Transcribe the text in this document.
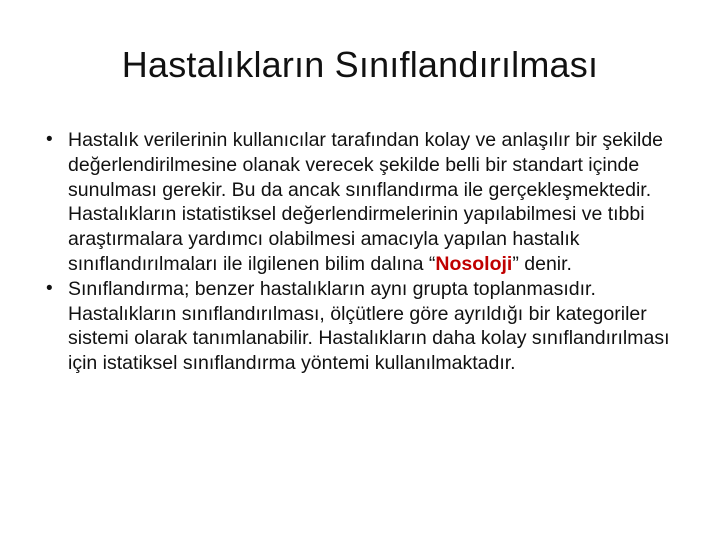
Hastalıkların Sınıflandırılması
• Hastalık verilerinin kullanıcılar tarafından kolay ve anlaşılır bir şekilde değerlendirilmesine olanak verecek şekilde belli bir standart içinde sunulması gerekir. Bu da ancak sınıflandırma ile gerçekleşmektedir. Hastalıkların istatistiksel değerlendirmelerinin yapılabilmesi ve tıbbi araştırmalara yardımcı olabilmesi amacıyla yapılan hastalık sınıflandırılmaları ile ilgilenen bilim dalına “Nosoloji” denir.
• Sınıflandırma; benzer hastalıkların aynı grupta toplanmasıdır. Hastalıkların sınıflandırılması, ölçütlere göre ayrıldığı bir kategoriler sistemi olarak tanımlanabilir. Hastalıkların daha kolay sınıflandırılması için istatiksel sınıflandırma yöntemi kullanılmaktadır.
